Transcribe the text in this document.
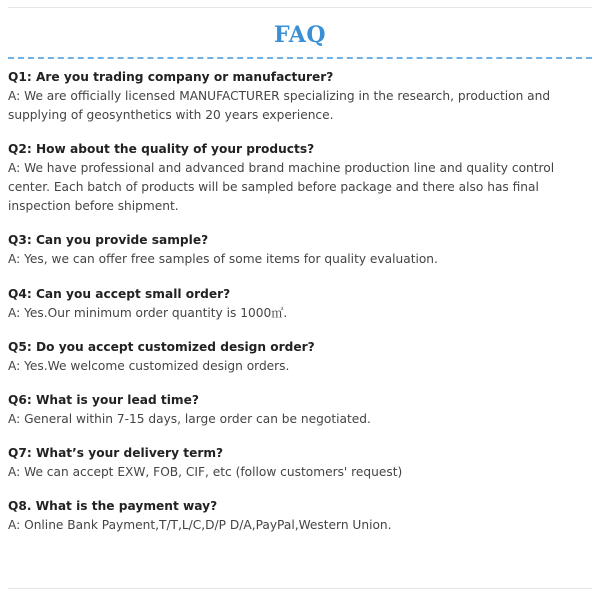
FAQ

Q1: Are you trading company or manufacturer?

A: We are officially licensed MANUFACTURER specializing in the research, production and supplying of geosynthetics with 20 years experience.

Q2: How about the quality of your products?

A: We have professional and advanced brand machine production line and quality control center. Each batch of products will be sampled before package and there also has final inspection before shipment.

Q3: Can you provide sample?

A: Yes, we can offer free samples of some items for quality evaluation.

Q4: Can you accept small order?

A: Yes.Our minimum order quantity is 1000㎡.

Q5: Do you accept customized design order?

A: Yes.We welcome customized design orders.

Q6: What is your lead time?

A: General within 7-15 days, large order can be negotiated.

Q7: What’s your delivery term?

A: We can accept EXW, FOB, CIF, etc (follow customers' request)

Q8. What is the payment way?

A: Online Bank Payment,T/T,L/C,D/P D/A,PayPal,Western Union.
